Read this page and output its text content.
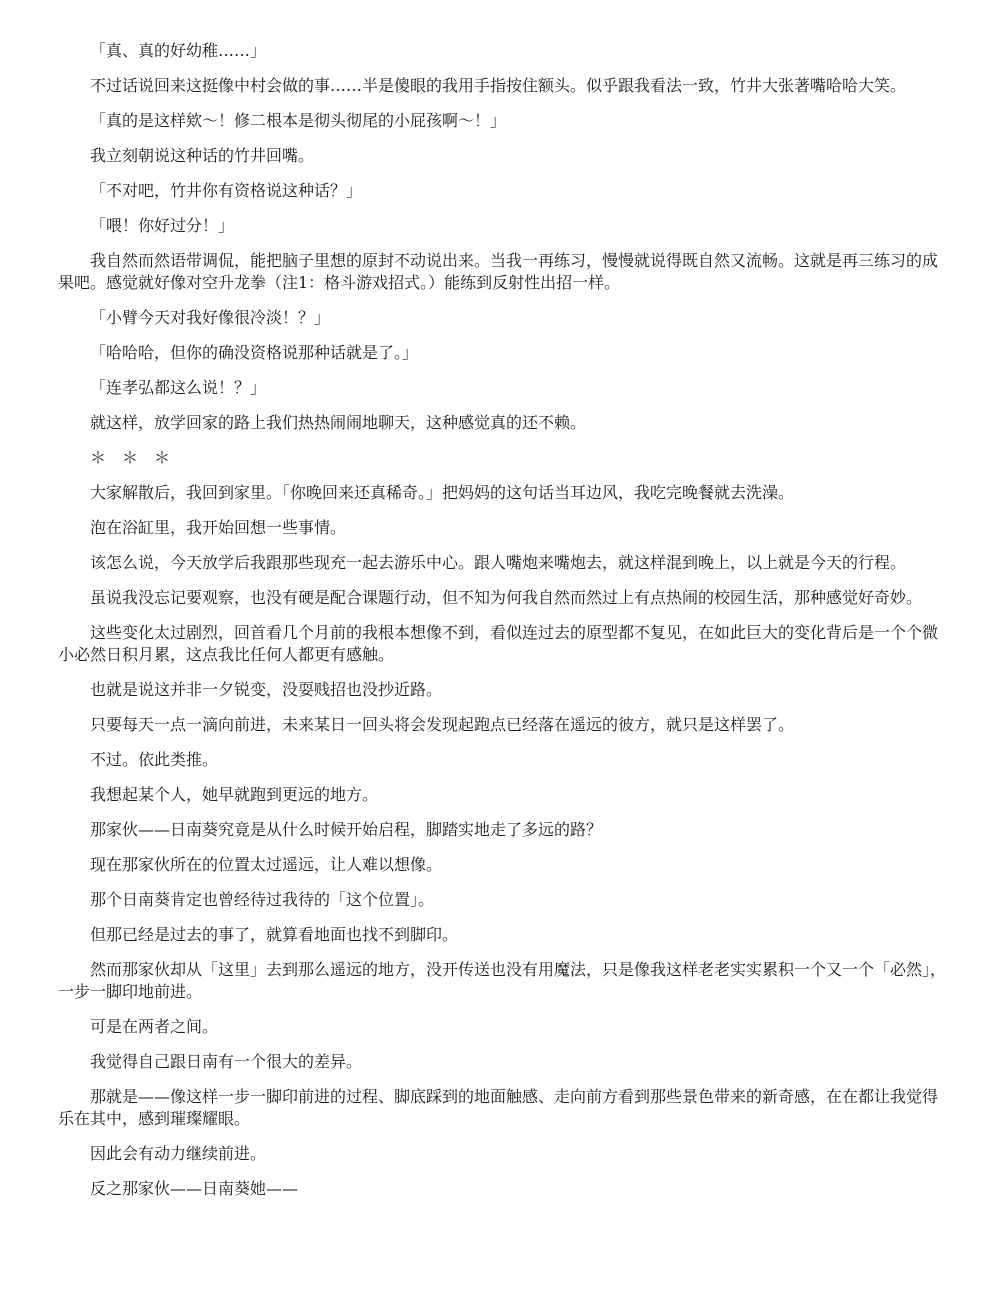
「真、真的好幼稚……」

不过话说回来这挺像中村会做的事……半是傻眼的我用手指按住额头。似乎跟我看法一致，竹井大张著嘴哈哈大笑。

「真的是这样欸～！修二根本是彻头彻尾的小屁孩啊～！」

我立刻朝说这种话的竹井回嘴。

「不对吧，竹井你有资格说这种话？」

「喂！你好过分！」

我自然而然语带调侃，能把脑子里想的原封不动说出来。当我一再练习，慢慢就说得既自然又流畅。这就是再三练习的成果吧。感觉就好像对空升龙拳（注1：格斗游戏招式。）能练到反射性出招一样。

「小臂今天对我好像很冷淡！？」

「哈哈哈，但你的确没资格说那种话就是了。」

「连孝弘都这么说！？」

就这样，放学回家的路上我们热热闹闹地聊天，这种感觉真的还不赖。

＊　＊　＊

大家解散后，我回到家里。「你晚回来还真稀奇。」把妈妈的这句话当耳边风，我吃完晚餐就去洗澡。

泡在浴缸里，我开始回想一些事情。

该怎么说，今天放学后我跟那些现充一起去游乐中心。跟人嘴炮来嘴炮去，就这样混到晚上，以上就是今天的行程。

虽说我没忘记要观察，也没有硬是配合课题行动，但不知为何我自然而然过上有点热闹的校园生活，那种感觉好奇妙。

这些变化太过剧烈，回首看几个月前的我根本想像不到，看似连过去的原型都不复见，在如此巨大的变化背后是一个个微小必然日积月累，这点我比任何人都更有感触。

也就是说这并非一夕锐变，没耍贱招也没抄近路。

只要每天一点一滴向前进，未来某日一回头将会发现起跑点已经落在遥远的彼方，就只是这样罢了。

不过。依此类推。

我想起某个人，她早就跑到更远的地方。

那家伙——日南葵究竟是从什么时候开始启程，脚踏实地走了多远的路？

现在那家伙所在的位置太过遥远，让人难以想像。

那个日南葵肯定也曾经待过我待的「这个位置」。

但那已经是过去的事了，就算看地面也找不到脚印。

然而那家伙却从「这里」去到那么遥远的地方，没开传送也没有用魔法，只是像我这样老老实实累积一个又一个「必然」，一步一脚印地前进。

可是在两者之间。

我觉得自己跟日南有一个很大的差异。

那就是——像这样一步一脚印前进的过程、脚底踩到的地面触感、走向前方看到那些景色带来的新奇感，在在都让我觉得乐在其中，感到璀璨耀眼。

因此会有动力继续前进。

反之那家伙——日南葵她——
